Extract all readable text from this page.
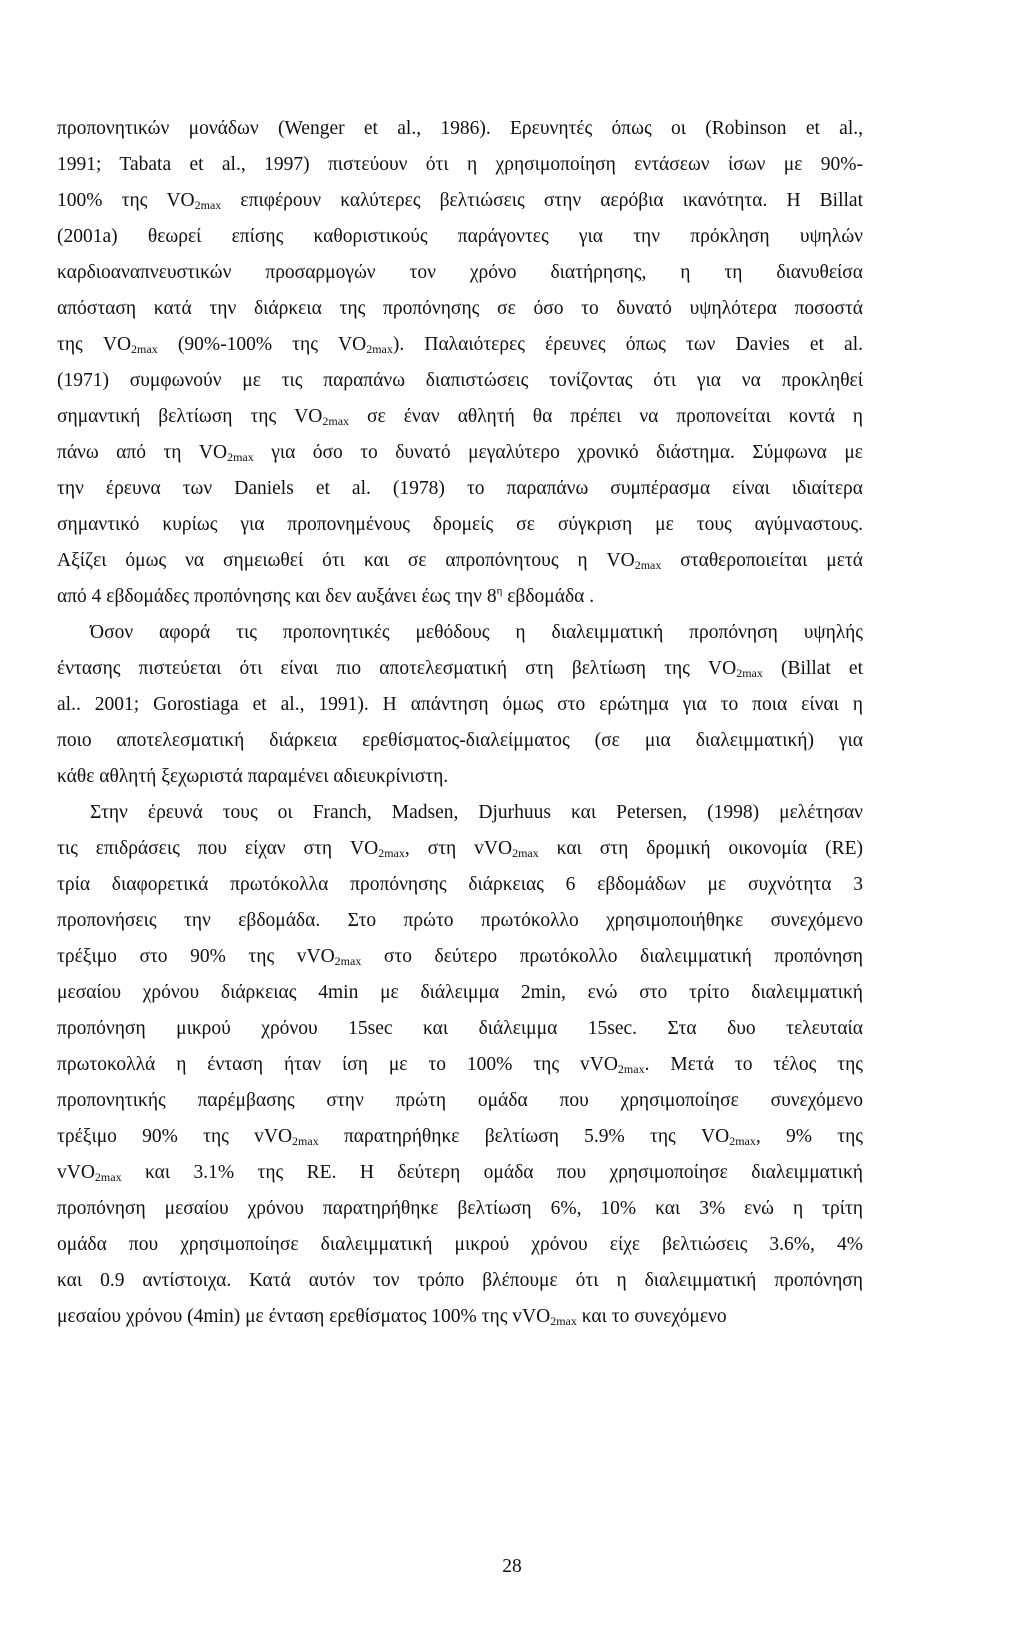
προπονητικών μονάδων (Wenger et al., 1986). Ερευνητές όπως οι (Robinson et al.,
1991; Tabata et al., 1997) πιστεύουν ότι η χρησιμοποίηση εντάσεων ίσων με 90%-
100% της $VO_{2max}$ επιφέρουν καλύτερες βελτιώσεις στην αερόβια ικανότητα. Η Billat
(2001a) θεωρεί επίσης καθοριστικούς παράγοντες για την πρόκληση υψηλών
καρδιοαναπνευστικών προσαρμογών τον χρόνο διατήρησης, η τη διανυθείσα
απόσταση κατά την διάρκεια της προπόνησης σε όσο το δυνατό υψηλότερα ποσοστά
της $VO_{2max}$ (90%-100% της $VO_{2max}$). Παλαιότερες έρευνες όπως των Davies et al.
(1971) συμφωνούν με τις παραπάνω διαπιστώσεις τονίζοντας ότι για να προκληθεί
σημαντική βελτίωση της $VO_{2max}$ σε έναν αθλητή θα πρέπει να προπονείται κοντά η
πάνω από τη $VO_{2max}$ για όσο το δυνατό μεγαλύτερο χρονικό διάστημα. Σύμφωνα με
την έρευνα των Daniels et al. (1978) το παραπάνω συμπέρασμα είναι ιδιαίτερα
σημαντικό κυρίως για προπονημένους δρομείς σε σύγκριση με τους αγύμναστους.
Αξίζει όμως να σημειωθεί ότι και σε απροπόνητους η $VO_{2max}$ σταθεροποιείται μετά
από 4 εβδομάδες προπόνησης και δεν αυξάνει έως την $8^\eta$ εβδομάδα .
Όσον αφορά τις προπονητικές μεθόδους η διαλειμματική προπόνηση υψηλής
έντασης πιστεύεται ότι είναι πιο αποτελεσματική στη βελτίωση της $VO_{2max}$ (Billat et
al.. 2001; Gorostiaga et al., 1991). Η απάντηση όμως στο ερώτημα για το ποια είναι η
ποιο αποτελεσματική διάρκεια ερεθίσματος-διαλείμματος (σε μια διαλειμματική) για
κάθε αθλητή ξεχωριστά παραμένει αδιευκρίνιστη.
Στην έρευνά τους οι Franch, Madsen, Djurhuus και Petersen, (1998) μελέτησαν
τις επιδράσεις που είχαν στη $VO_{2max}$, στη vVO$_{2max}$ και στη δρομική οικονομία (RE)
τρία διαφορετικά πρωτόκολλα προπόνησης διάρκειας 6 εβδομάδων με συχνότητα 3
προπονήσεις την εβδομάδα. Στο πρώτο πρωτόκολλο χρησιμοποιήθηκε συνεχόμενο
τρέξιμο στο 90% της vVO$_{2max}$ στο δεύτερο πρωτόκολλο διαλειμματική προπόνηση
μεσαίου χρόνου διάρκειας 4min με διάλειμμα 2min, ενώ στο τρίτο διαλειμματική
προπόνηση μικρού χρόνου 15sec και διάλειμμα 15sec. Στα δυο τελευταία
πρωτοκολλά η ένταση ήταν ίση με το 100% της vVO$_{2max}$. Μετά το τέλος της
προπονητικής παρέμβασης στην πρώτη ομάδα που χρησιμοποίησε συνεχόμενο
τρέξιμο 90% της vVO$_{2max}$ παρατηρήθηκε βελτίωση 5.9% της $VO_{2max}$, 9% της
vVO$_{2max}$ και 3.1% της RE. Η δεύτερη ομάδα που χρησιμοποίησε διαλειμματική
προπόνηση μεσαίου χρόνου παρατηρήθηκε βελτίωση 6%, 10% και 3% ενώ η τρίτη
ομάδα που χρησιμοποίησε διαλειμματική μικρού χρόνου είχε βελτιώσεις 3.6%, 4%
και 0.9 αντίστοιχα. Κατά αυτόν τον τρόπο βλέπουμε ότι η διαλειμματική προπόνηση
μεσαίου χρόνου (4min) με ένταση ερεθίσματος 100% της vVO$_{2max}$ και το συνεχόμενο
28
